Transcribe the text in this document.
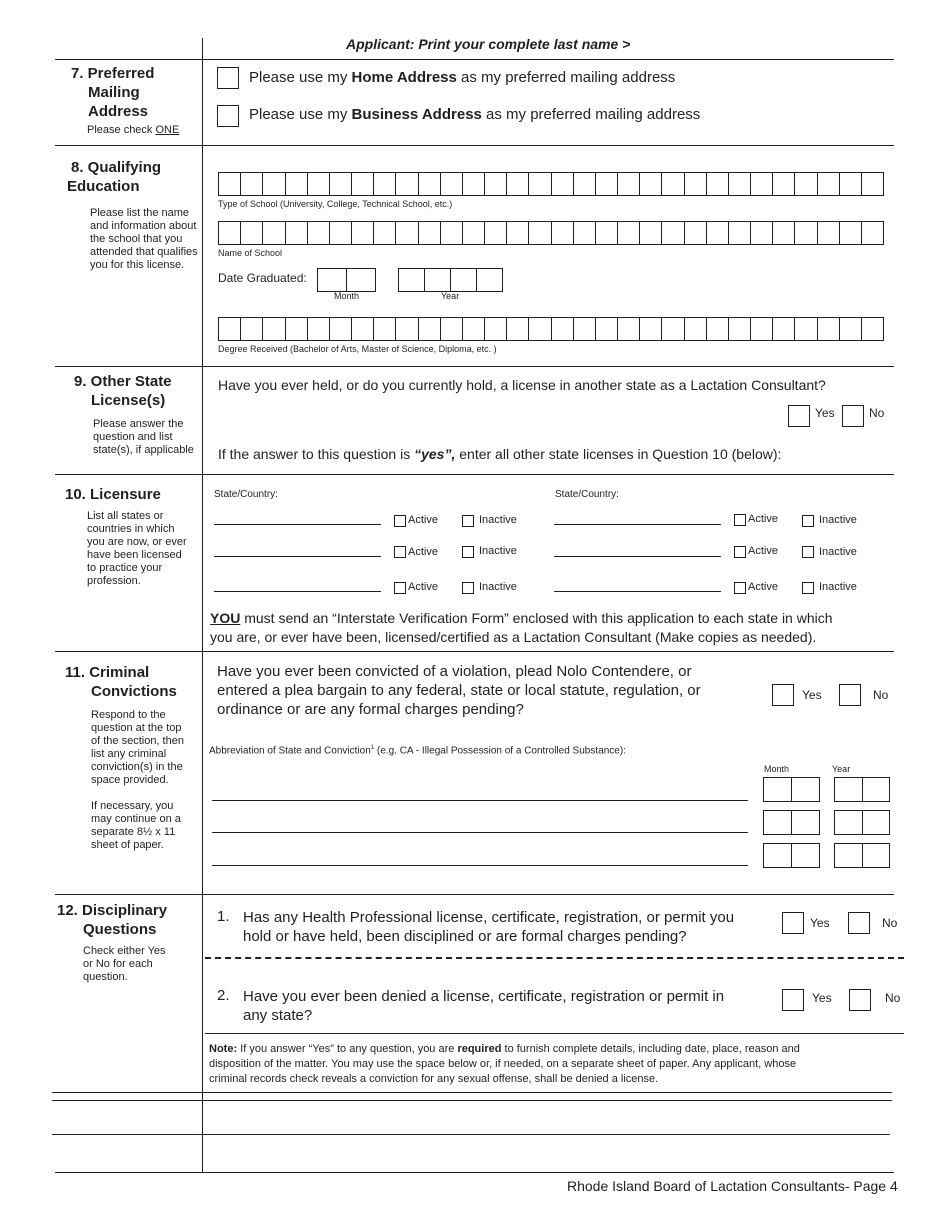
Applicant: Print your complete last name >
7. Preferred
Mailing
Address
Please check ONE
Please use my Home Address as my preferred mailing address
Please use my Business Address as my preferred mailing address
8. Qualifying
Education
Please list the name
and information about
the school that you
attended that qualifies
you for this license.
Type of School (University, College, Technical School, etc.)
Name of School
Date Graduated:
Month	Year
Degree Received (Bachelor of Arts, Master of Science, Diploma, etc. )
9. Other State
License(s)
Please answer the
question and list
state(s), if applicable
Have you ever held, or do you currently hold, a license in another state as a Lactation Consultant?
Yes	No
If the answer to this question is “yes”, enter all other state licenses in Question 10 (below):
10. Licensure
List all states or
countries in which
you are now, or ever
have been licensed
to practice your
profession.
State/Country:	State/Country:
Active	Inactive
Active	Inactive
Active	Inactive
Active	Inactive
Active	Inactive
Active	Inactive
YOU must send an “Interstate Verification Form” enclosed with this application to each state in which
you are, or ever have been, licensed/certified as a Lactation Consultant (Make copies as needed).
11. Criminal
Convictions
Respond to the
question at the top
of the section, then
list any criminal
conviction(s) in the
space provided.
If necessary, you
may continue on a
separate 8½ x 11
sheet of paper.
Have you ever been convicted of a violation, plead Nolo Contendere, or
entered a plea bargain to any federal, state or local statute, regulation, or
ordinance or are any formal charges pending?
Yes	No
Abbreviation of State and Conviction$^1$ (e.g. CA - Illegal Possession of a Controlled Substance):
Month	Year
12. Disciplinary
Questions
Check either Yes
or No for each
question.
1. Has any Health Professional license, certificate, registration, or permit you
hold or have held, been disciplined or are formal charges pending?
Yes	No
2. Have you ever been denied a license, certificate, registration or permit in
any state?
Yes	No
Note: If you answer “Yes” to any question, you are required to furnish complete details, including date, place, reason and
disposition of the matter. You may use the space below or, if needed, on a separate sheet of paper. Any applicant, whose
criminal records check reveals a conviction for any sexual offense, shall be denied a license.
Rhode Island Board of Lactation Consultants- Page 4
